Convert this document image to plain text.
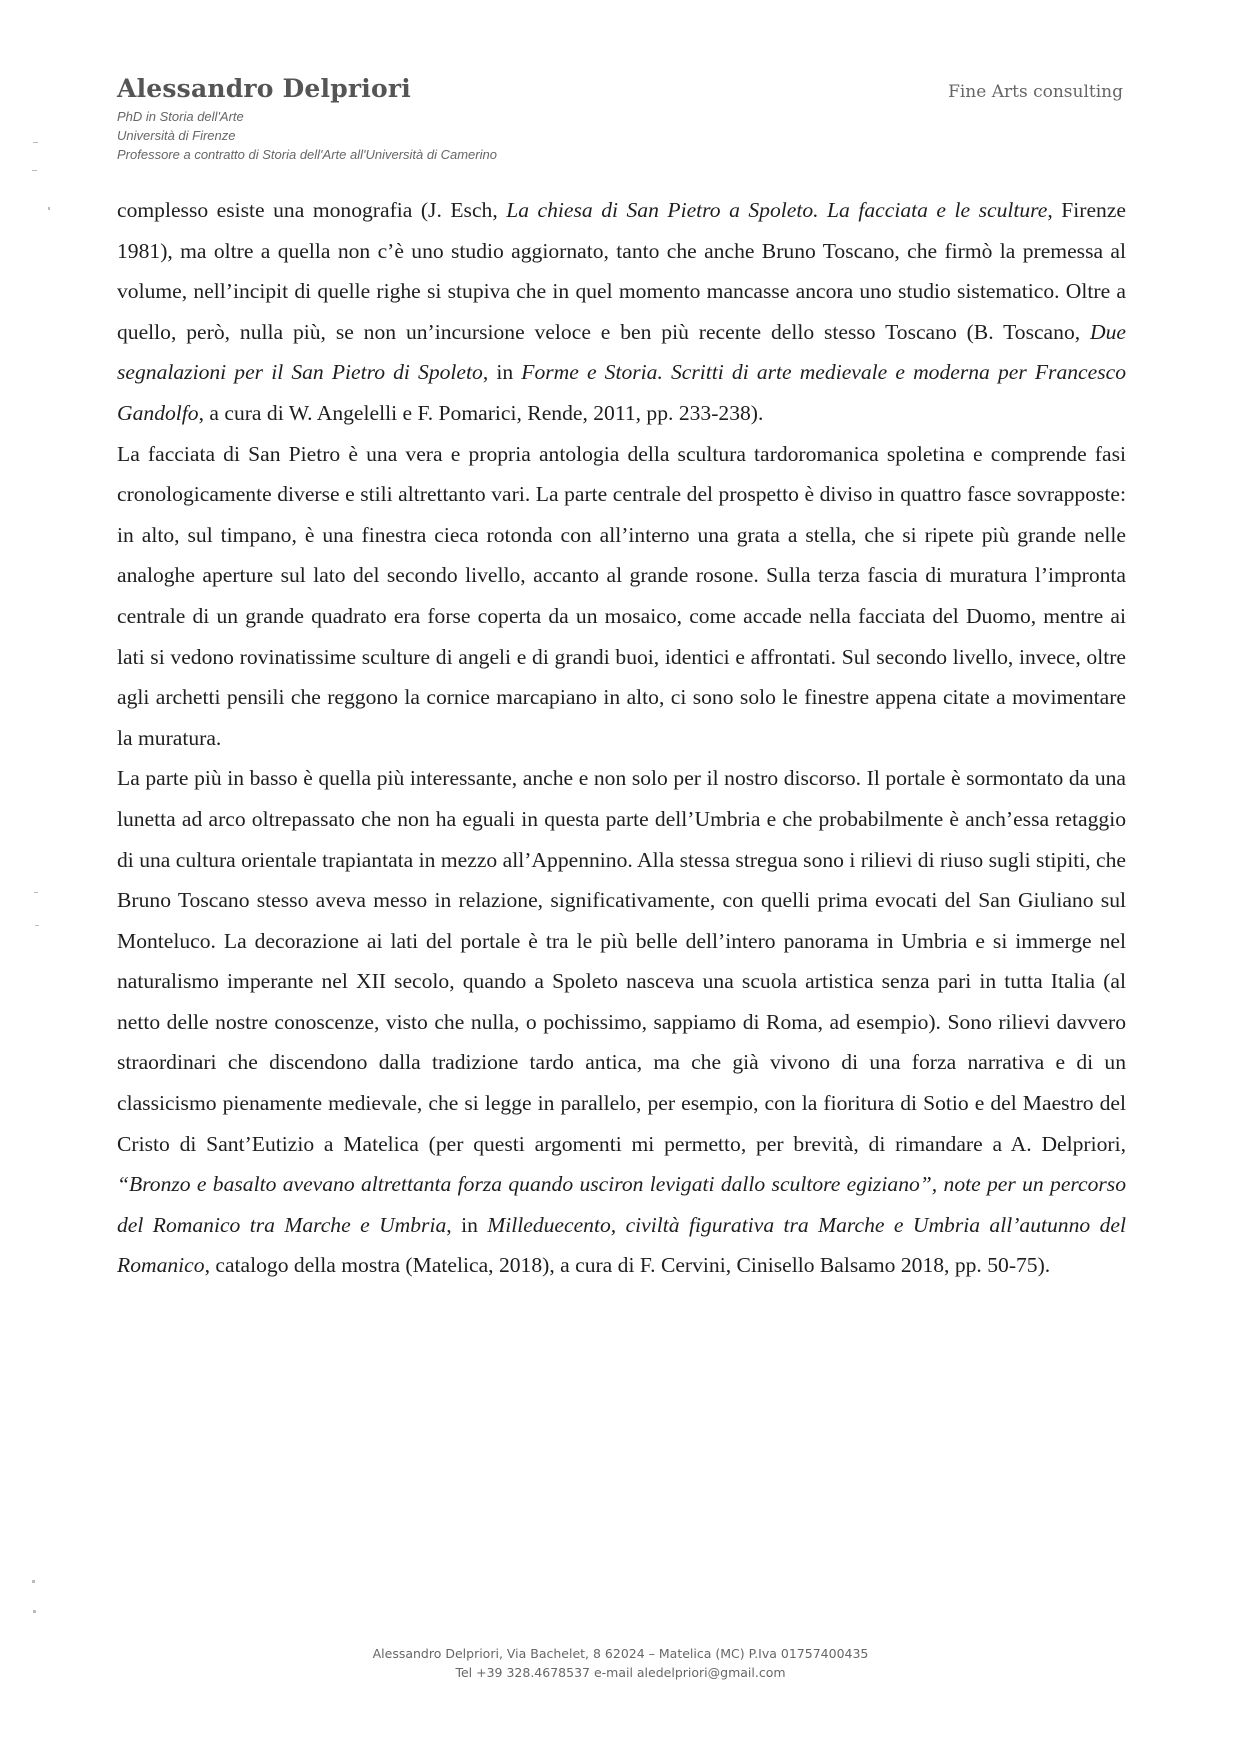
Alessandro Delpriori
PhD in Storia dell'Arte
Università di Firenze
Professore a contratto di Storia dell'Arte all'Università di Camerino
Fine Arts consulting

complesso esiste una monografia (J. Esch, La chiesa di San Pietro a Spoleto. La facciata e le sculture, Firenze 1981), ma oltre a quella non c’è uno studio aggiornato, tanto che anche Bruno Toscano, che firmò la premessa al volume, nell’incipit di quelle righe si stupiva che in quel momento mancasse ancora uno studio sistematico. Oltre a quello, però, nulla più, se non un’incursione veloce e ben più recente dello stesso Toscano (B. Toscano, Due segnalazioni per il San Pietro di Spoleto, in Forme e Storia. Scritti di arte medievale e moderna per Francesco Gandolfo, a cura di W. Angelelli e F. Pomarici, Rende, 2011, pp. 233-238).

La facciata di San Pietro è una vera e propria antologia della scultura tardoromanica spoletina e comprende fasi cronologicamente diverse e stili altrettanto vari. La parte centrale del prospetto è diviso in quattro fasce sovrapposte: in alto, sul timpano, è una finestra cieca rotonda con all’interno una grata a stella, che si ripete più grande nelle analoghe aperture sul lato del secondo livello, accanto al grande rosone. Sulla terza fascia di muratura l’impronta centrale di un grande quadrato era forse coperta da un mosaico, come accade nella facciata del Duomo, mentre ai lati si vedono rovinatissime sculture di angeli e di grandi buoi, identici e affrontati. Sul secondo livello, invece, oltre agli archetti pensili che reggono la cornice marcapiano in alto, ci sono solo le finestre appena citate a movimentare la muratura.

La parte più in basso è quella più interessante, anche e non solo per il nostro discorso. Il portale è sormontato da una lunetta ad arco oltrepassato che non ha eguali in questa parte dell’Umbria e che probabilmente è anch’essa retaggio di una cultura orientale trapiantata in mezzo all’Appennino. Alla stessa stregua sono i rilievi di riuso sugli stipiti, che Bruno Toscano stesso aveva messo in relazione, significativamente, con quelli prima evocati del San Giuliano sul Monteluco. La decorazione ai lati del portale è tra le più belle dell’intero panorama in Umbria e si immerge nel naturalismo imperante nel XII secolo, quando a Spoleto nasceva una scuola artistica senza pari in tutta Italia (al netto delle nostre conoscenze, visto che nulla, o pochissimo, sappiamo di Roma, ad esempio). Sono rilievi davvero straordinari che discendono dalla tradizione tardo antica, ma che già vivono di una forza narrativa e di un classicismo pienamente medievale, che si legge in parallelo, per esempio, con la fioritura di Sotio e del Maestro del Cristo di Sant’Eutizio a Matelica (per questi argomenti mi permetto, per brevità, di rimandare a A. Delpriori, “Bronzo e basalto avevano altrettanta forza quando usciron levigati dallo scultore egiziano”, note per un percorso del Romanico tra Marche e Umbria, in Milleduecento, civiltà figurativa tra Marche e Umbria all’autunno del Romanico, catalogo della mostra (Matelica, 2018), a cura di F. Cervini, Cinisello Balsamo 2018, pp. 50-75).

Alessandro Delpriori, Via Bachelet, 8 62024 – Matelica (MC) P.Iva 01757400435
Tel +39 328.4678537 e-mail aledelpriori@gmail.com
